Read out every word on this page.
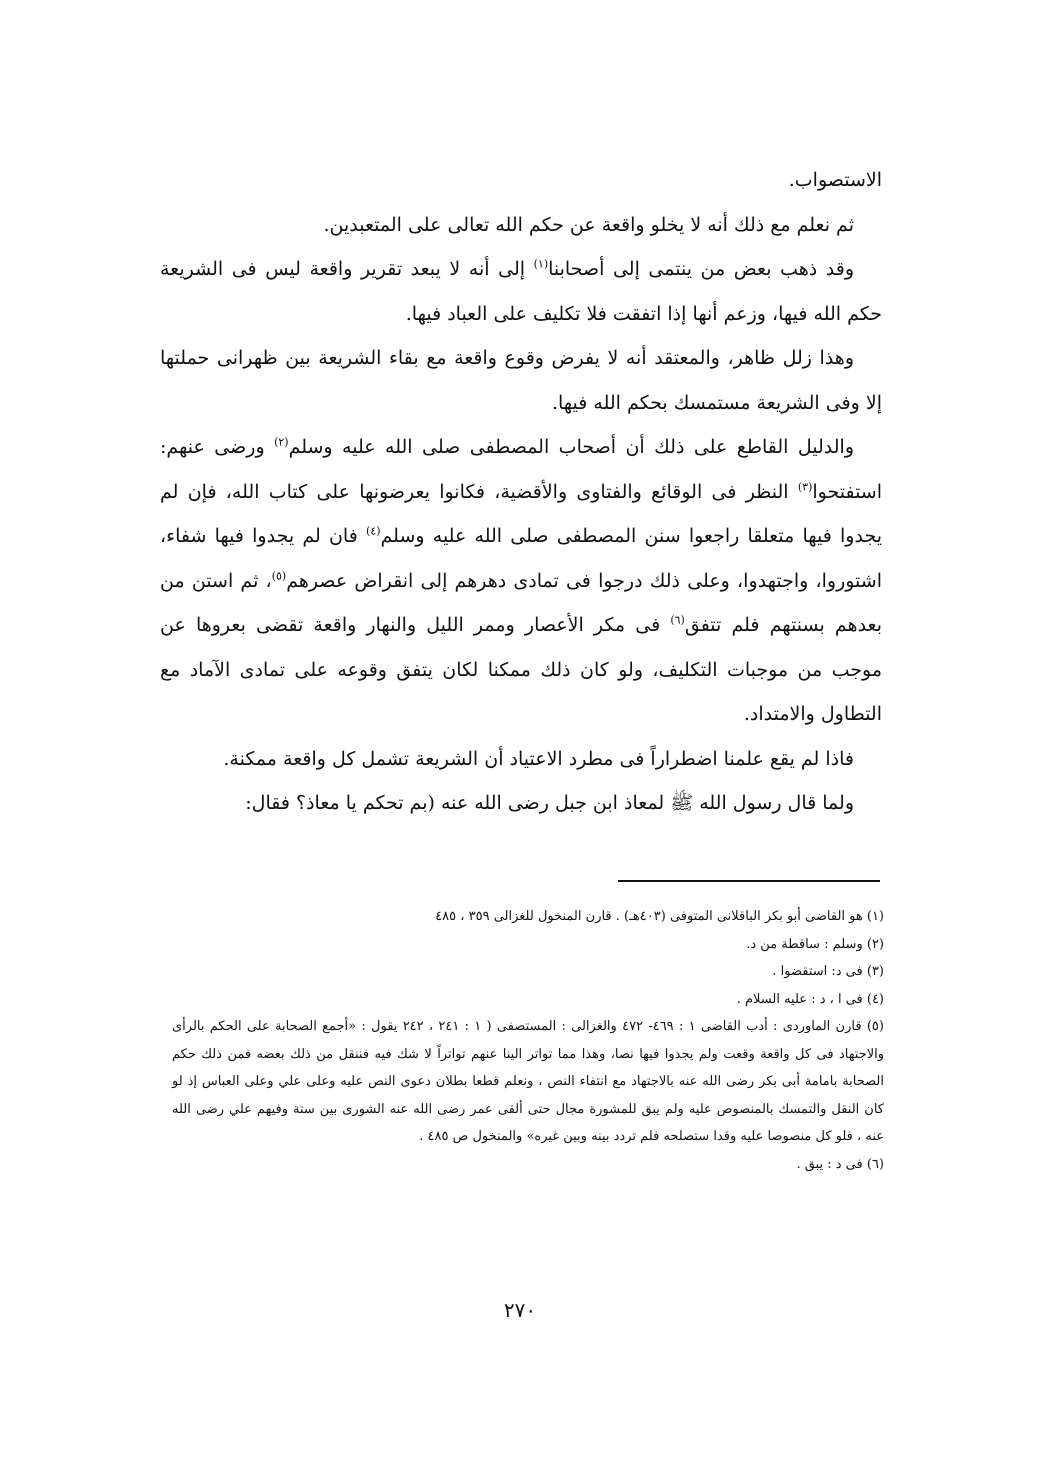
الاستصواب.

ثم نعلم مع ذلك أنه لا يخلو واقعة عن حكم الله تعالى على المتعبدين.

وقد ذهب بعض من ينتمى إلى أصحابنا$^{(١)}$ إلى أنه لا يبعد تقرير واقعة ليس فى الشريعة حكم الله فيها، وزعم أنها إذا اتفقت فلا تكليف على العباد فيها.

وهذا زلل ظاهر، والمعتقد أنه لا يفرض وقوع واقعة مع بقاء الشريعة بين ظهرانى حملتها إلا وفى الشريعة مستمسك بحكم الله فيها.

والدليل القاطع على ذلك أن أصحاب المصطفى صلى الله عليه وسلم$^{(٢)}$ ورضى عنهم: استفتحوا$^{(٣)}$ النظر فى الوقائع والفتاوى والأقضية، فكانوا يعرضونها على كتاب الله، فإن لم يجدوا فيها متعلقا راجعوا سنن المصطفى صلى الله عليه وسلم$^{(٤)}$ فان لم يجدوا فيها شفاء، اشتوروا، واجتهدوا، وعلى ذلك درجوا فى تمادى دهرهم إلى انقراض عصرهم$^{(٥)}$، ثم استن من بعدهم بسنتهم فلم تتفق$^{(٦)}$ فى مكر الأعصار وممر الليل والنهار واقعة تقضى بعروها عن موجب من موجبات التكليف، ولو كان ذلك ممكنا لكان يتفق وقوعه على تمادى الآماد مع التطاول والامتداد.

فاذا لم يقع علمنا اضطراراً فى مطرد الاعتياد أن الشريعة تشمل كل واقعة ممكنة.

ولما قال رسول الله ﷺ لمعاذ ابن جبل رضى الله عنه (بم تحكم يا معاذ؟ فقال:

(١) هو القاضى أبو بكر الباقلانى المتوفى (٤٠٣هـ) . قارن المنخول للغزالى ٣٥٩ ، ٤٨٥

(٢) وسلم : ساقطة من د.

(٣) فى د: استقضوا .

(٤) فى ا ، د : عليه السلام .

(٥) قارن الماوردى : أدب القاضى ١ : ٤٦٩- ٤٧٢ والغزالى : المستصفى ( ١ : ٢٤١ ، ٢٤٢ يقول : «أجمع الصحابة على الحكم بالرأى والاجتهاد فى كل واقعة وقعت ولم يجدوا فيها نصا، وهذا مما تواتر الينا عنهم تواتراً لا شك فيه فننقل من ذلك بعضه فمن ذلك حكم الصحابة بامامة أبى بكر رضى الله عنه بالاجتهاد مع انتفاء النص ، ونعلم قطعا بطلان دعوى النص عليه وعلى علي وعلى العباس إذ لو كان النقل والتمسك بالمنصوص عليه ولم يبق للمشورة مجال حتى ألقى عمر رضى الله عنه الشورى بين ستة وفيهم علي رضى الله عنه ، فلو كل منصوصا عليه وقدا ستصلحه فلم تردد بينه وبين غيره» والمنخول ص ٤٨٥ .

(٦) فى د : يبق .

٢٧٠
